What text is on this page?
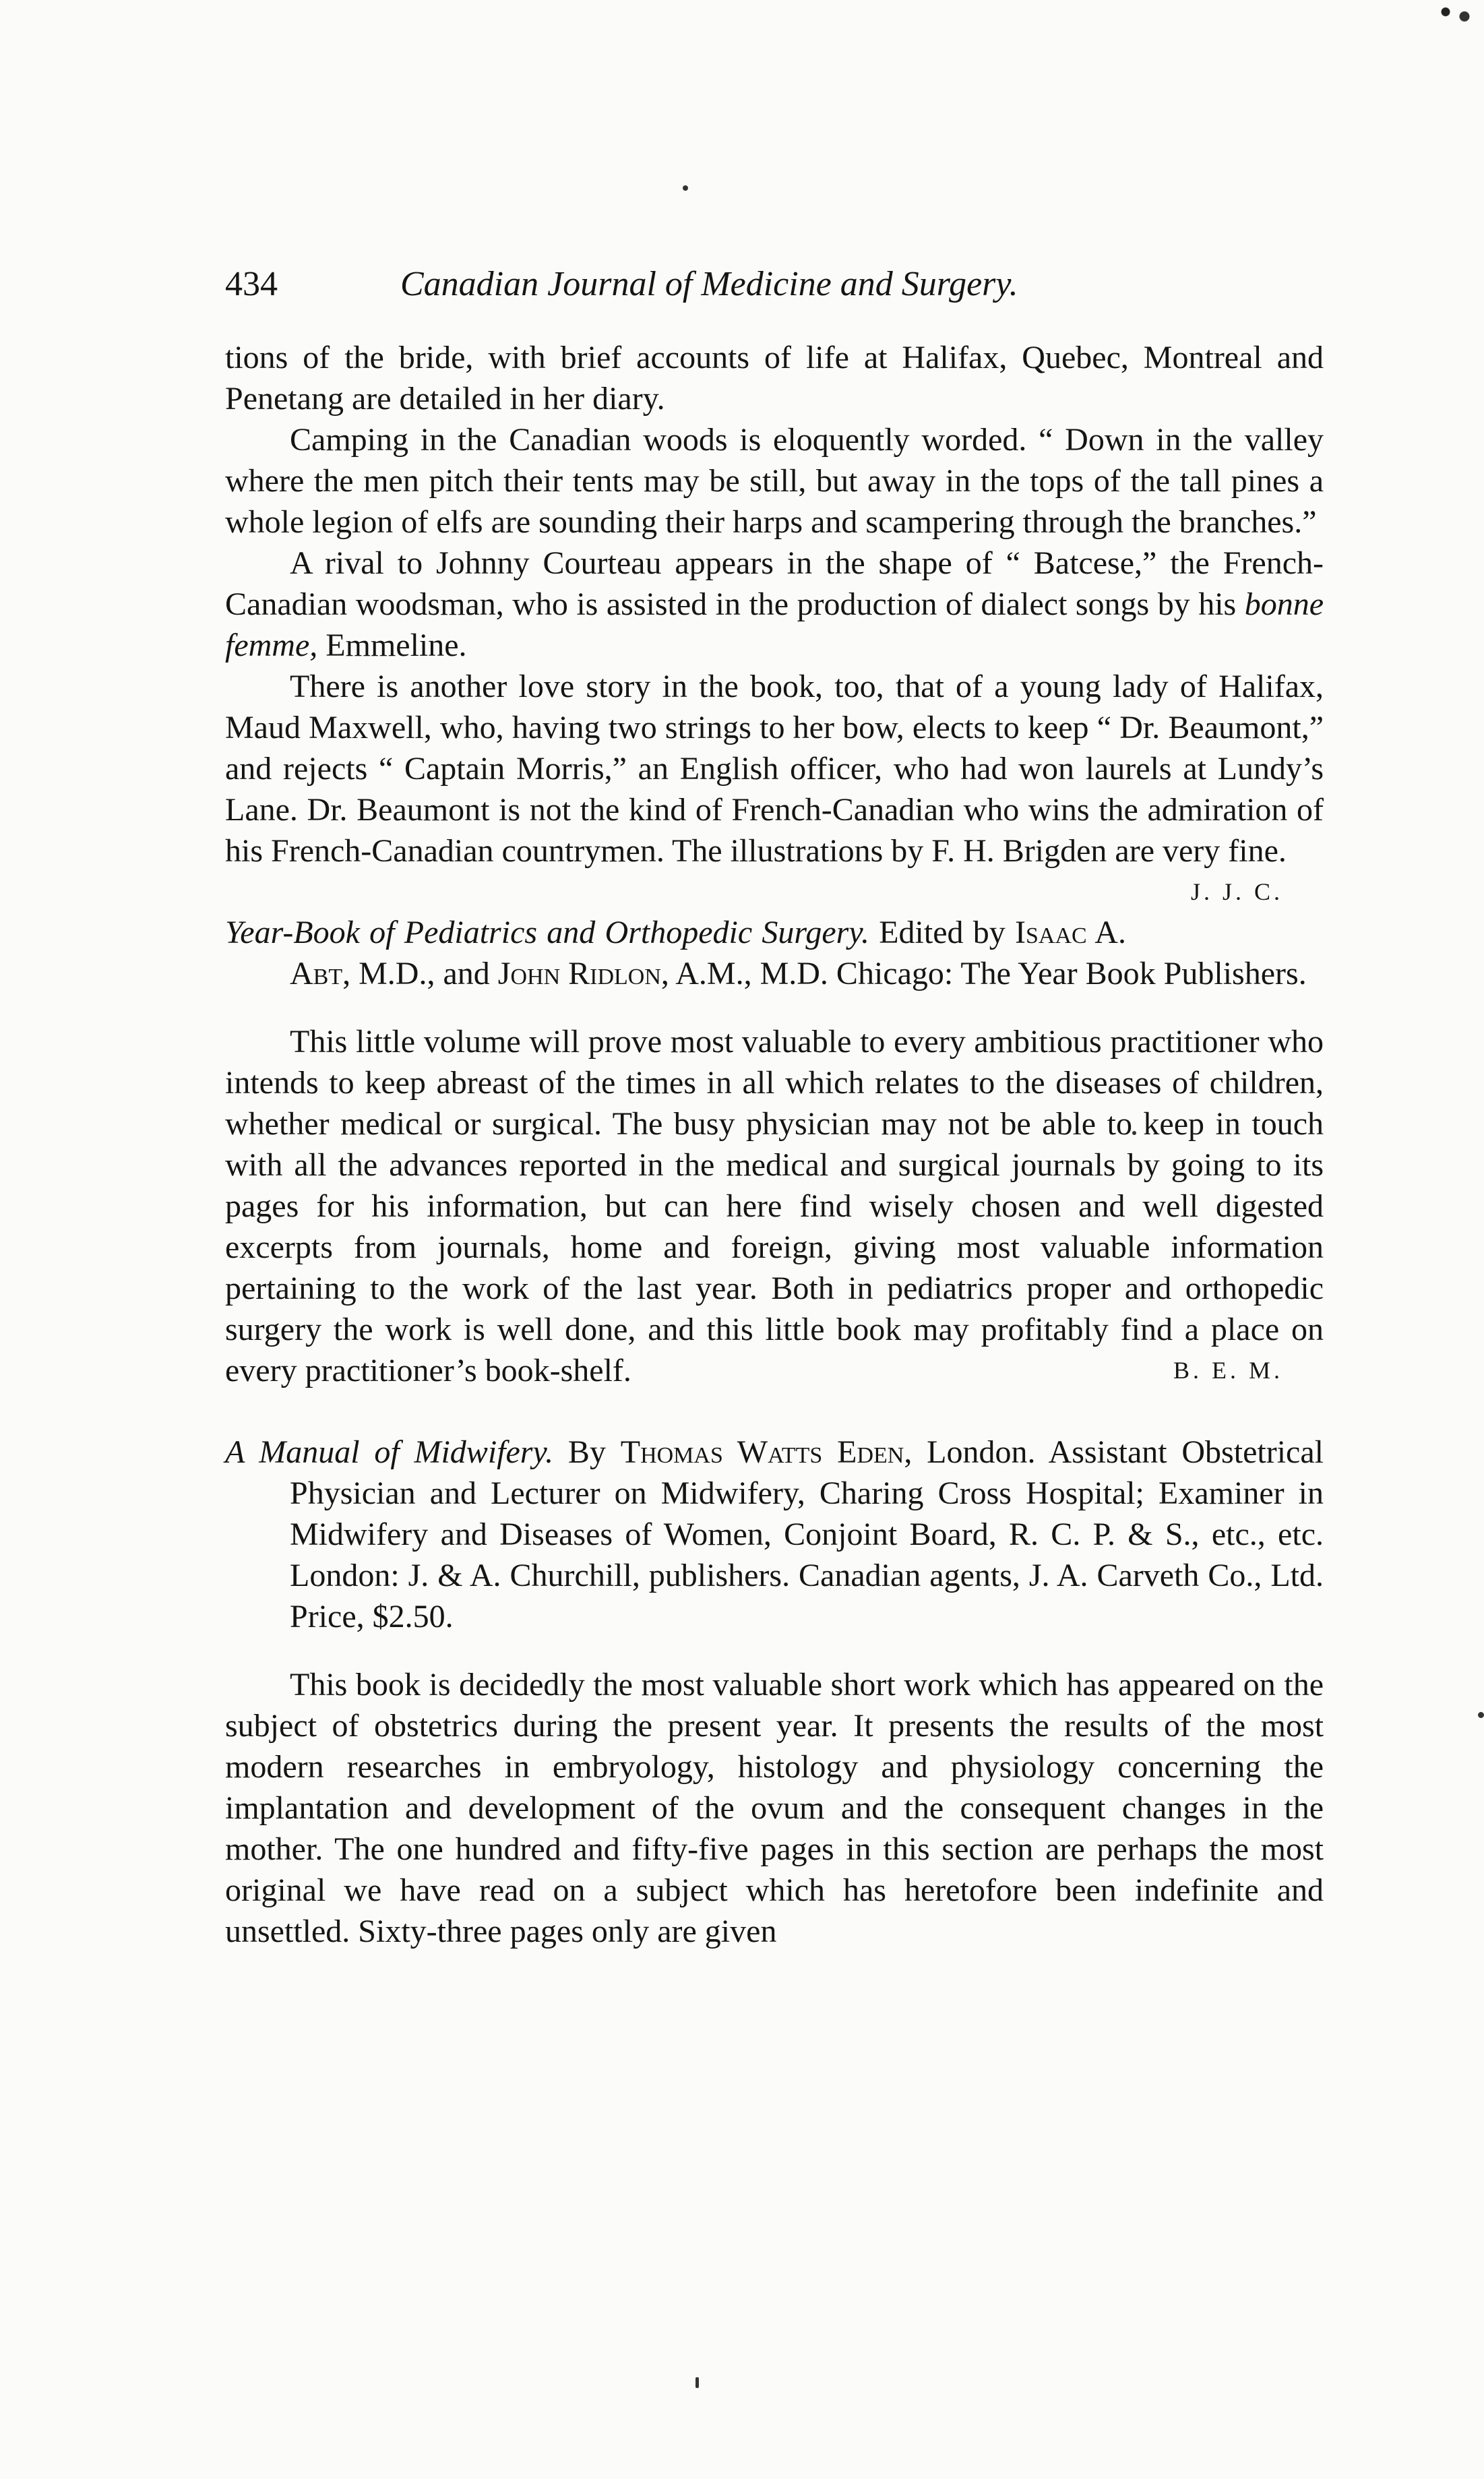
434	Canadian Journal of Medicine and Surgery.

tions of the bride, with brief accounts of life at Halifax, Quebec, Montreal and Penetang are detailed in her diary.

Camping in the Canadian woods is eloquently worded. “ Down in the valley where the men pitch their tents may be still, but away in the tops of the tall pines a whole legion of elfs are sounding their harps and scampering through the branches.”

A rival to Johnny Courteau appears in the shape of “ Batcese,” the French-Canadian woodsman, who is assisted in the production of dialect songs by his bonne femme, Emmeline.

There is another love story in the book, too, that of a young lady of Halifax, Maud Maxwell, who, having two strings to her bow, elects to keep “ Dr. Beaumont,” and rejects “ Captain Morris,” an English officer, who had won laurels at Lundy’s Lane. Dr. Beaumont is not the kind of French-Canadian who wins the admiration of his French-Canadian countrymen. The illustrations by F. H. Brigden are very fine.
J. J. C.

Year-Book of Pediatrics and Orthopedic Surgery. Edited by Isaac A. Abt, M.D., and John Ridlon, A.M., M.D. Chicago: The Year Book Publishers.

This little volume will prove most valuable to every ambitious practitioner who intends to keep abreast of the times in all which relates to the diseases of children, whether medical or surgical. The busy physician may not be able to keep in touch with all the advances reported in the medical and surgical journals by going to its pages for his information, but can here find wisely chosen and well digested excerpts from journals, home and foreign, giving most valuable information pertaining to the work of the last year. Both in pediatrics proper and orthopedic surgery the work is well done, and this little book may profitably find a place on every practitioner’s book-shelf.	B. E. M.

A Manual of Midwifery. By Thomas Watts Eden, London. Assistant Obstetrical Physician and Lecturer on Midwifery, Charing Cross Hospital; Examiner in Midwifery and Diseases of Women, Conjoint Board, R. C. P. & S., etc., etc. London: J. & A. Churchill, publishers. Canadian agents, J. A. Carveth Co., Ltd. Price, $2.50.

This book is decidedly the most valuable short work which has appeared on the subject of obstetrics during the present year. It presents the results of the most modern researches in embryology, histology and physiology concerning the implantation and development of the ovum and the consequent changes in the mother. The one hundred and fifty-five pages in this section are perhaps the most original we have read on a subject which has heretofore been indefinite and unsettled. Sixty-three pages only are given
